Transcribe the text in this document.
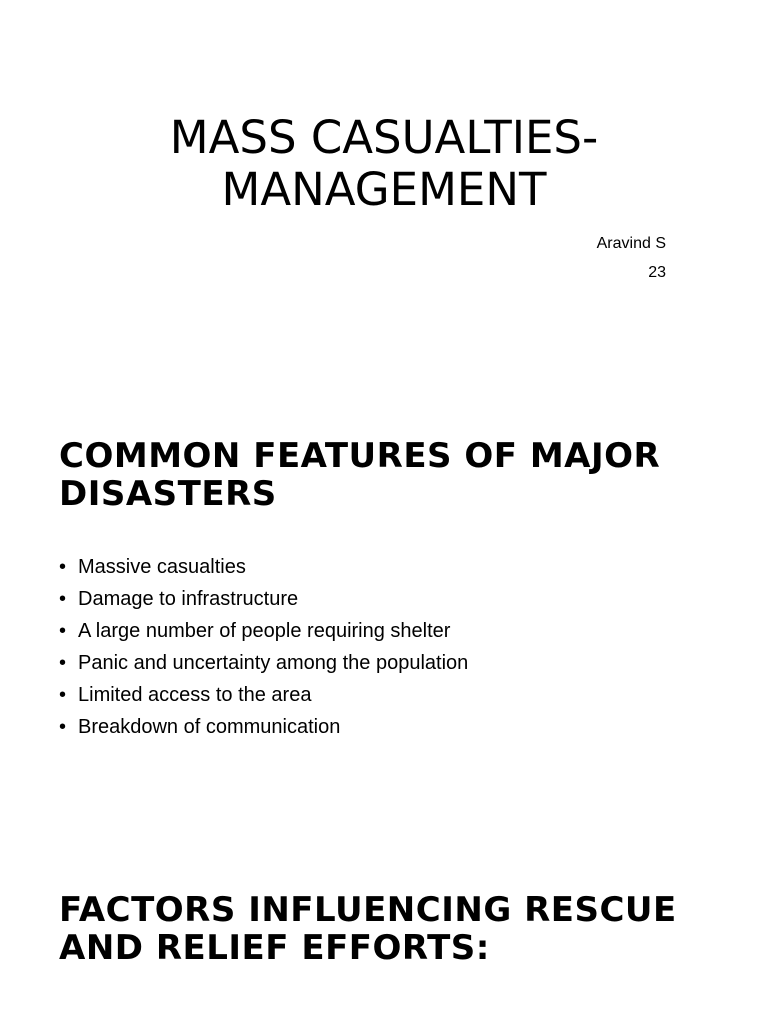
MASS CASUALTIES-
MANAGEMENT
Aravind S
23
COMMON FEATURES OF MAJOR
DISASTERS
• Massive casualties
• Damage to infrastructure
• A large number of people requiring shelter
• Panic and uncertainty among the population
• Limited access to the area
• Breakdown of communication
FACTORS INFLUENCING RESCUE
AND RELIEF EFFORTS:
